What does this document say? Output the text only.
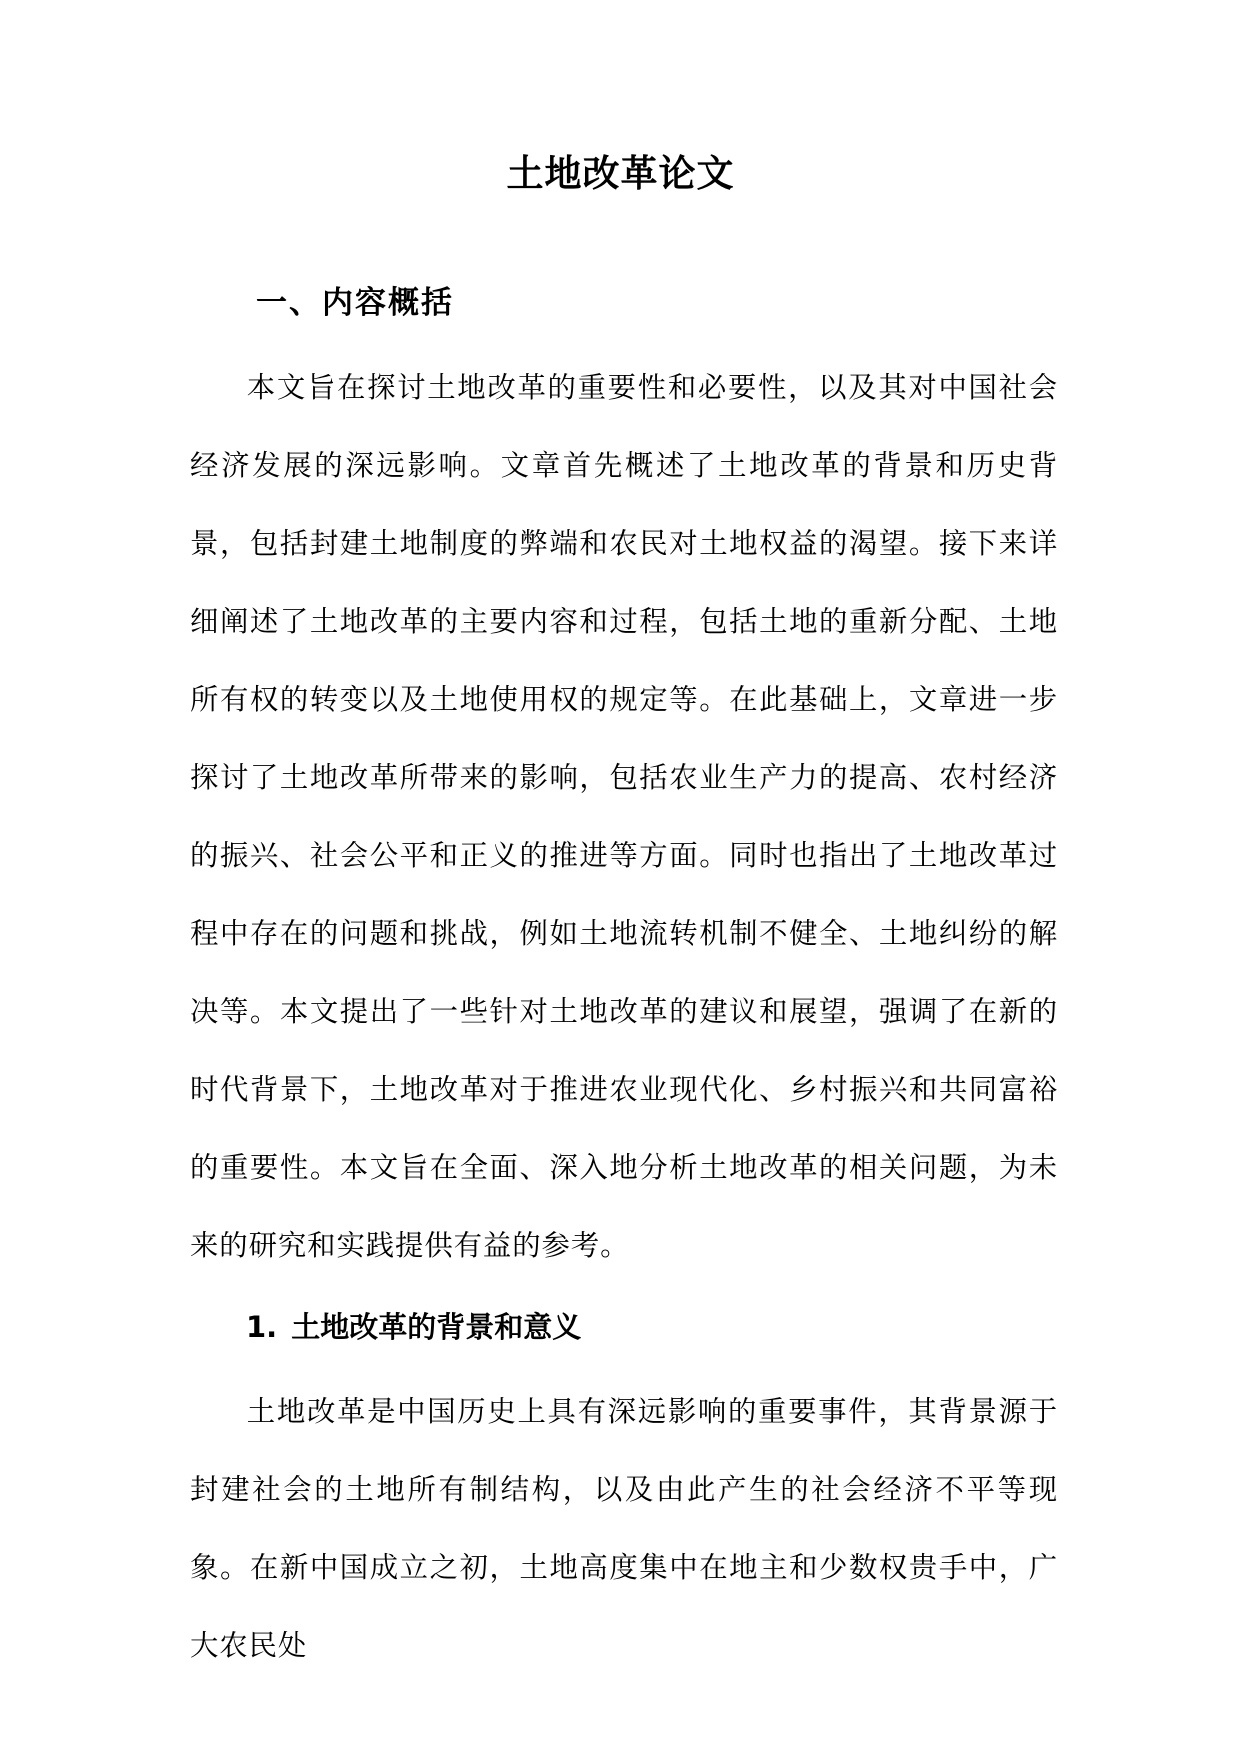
土地改革论文
一、内容概括

本文旨在探讨土地改革的重要性和必要性，以及其对中国社会经济发展的深远影响。文章首先概述了土地改革的背景和历史背景，包括封建土地制度的弊端和农民对土地权益的渴望。接下来详细阐述了土地改革的主要内容和过程，包括土地的重新分配、土地所有权的转变以及土地使用权的规定等。在此基础上，文章进一步探讨了土地改革所带来的影响，包括农业生产力的提高、农村经济的振兴、社会公平和正义的推进等方面。同时也指出了土地改革过程中存在的问题和挑战，例如土地流转机制不健全、土地纠纷的解决等。本文提出了一些针对土地改革的建议和展望，强调了在新的时代背景下，土地改革对于推进农业现代化、乡村振兴和共同富裕的重要性。本文旨在全面、深入地分析土地改革的相关问题，为未来的研究和实践提供有益的参考。

1. 土地改革的背景和意义

土地改革是中国历史上具有深远影响的重要事件，其背景源于封建社会的土地所有制结构，以及由此产生的社会经济不平等现象。在新中国成立之初，土地高度集中在地主和少数权贵手中，广大农民处
